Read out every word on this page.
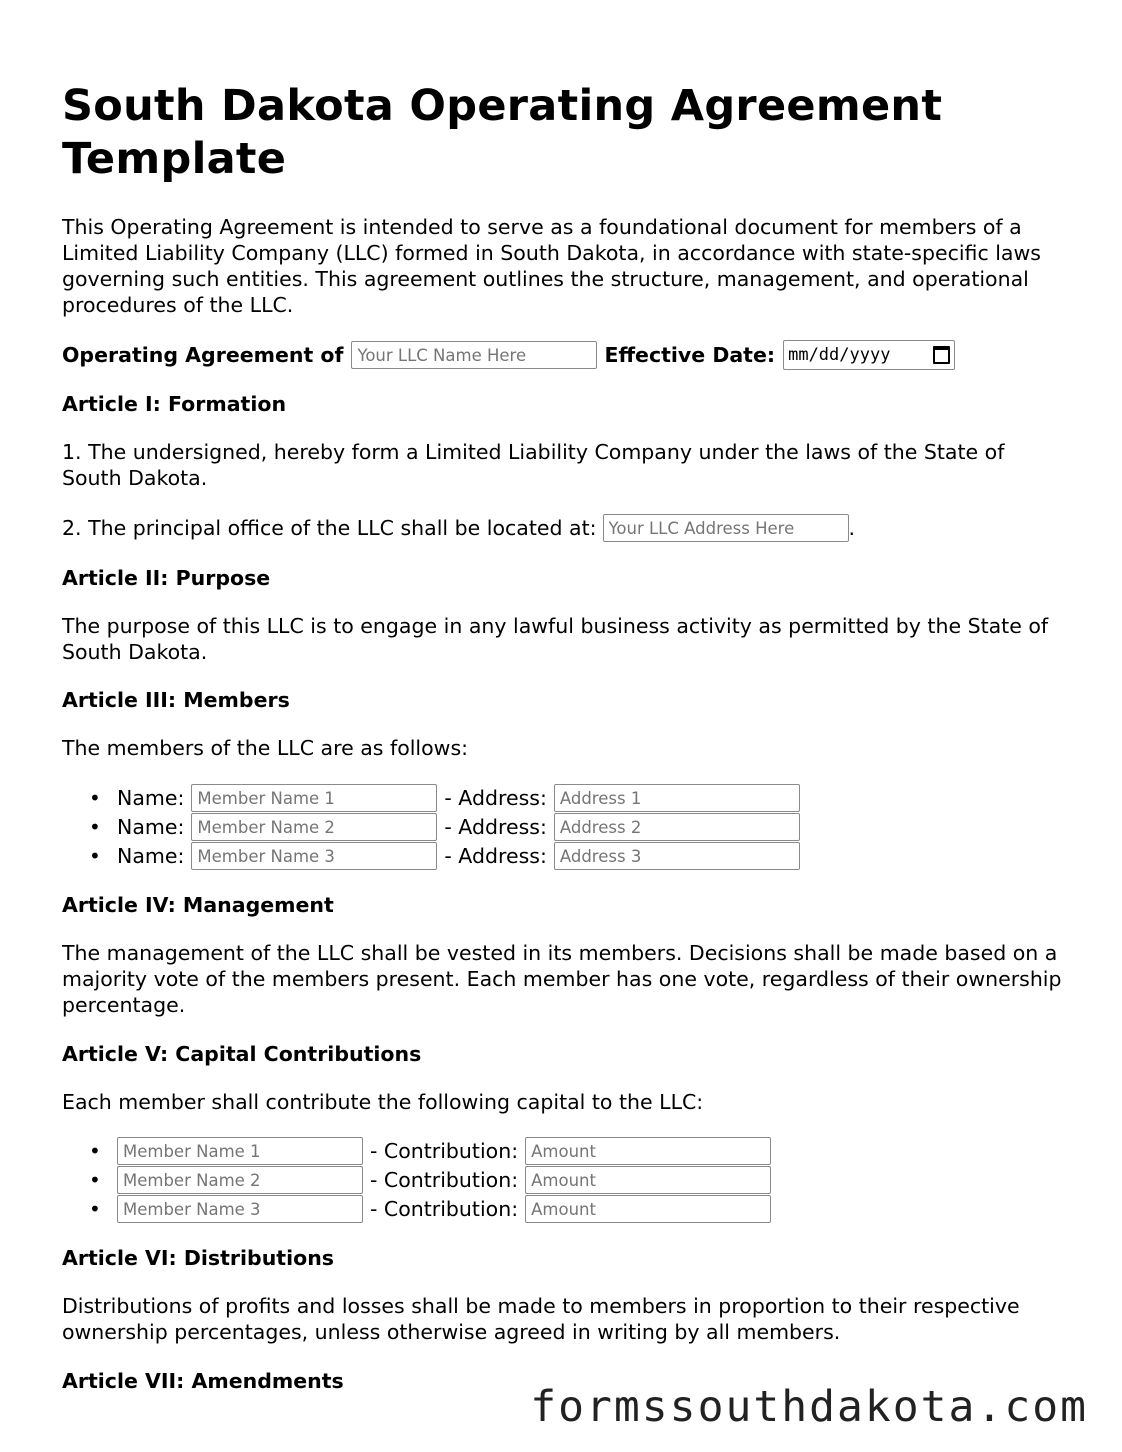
South Dakota Operating Agreement Template

This Operating Agreement is intended to serve as a foundational document for members of a Limited Liability Company (LLC) formed in South Dakota, in accordance with state-specific laws governing such entities. This agreement outlines the structure, management, and operational procedures of the LLC.

Operating Agreement of
Your LLC Name Here	Effective Date: mm/dd/yyyy

Article I: Formation

1. The undersigned, hereby form a Limited Liability Company under the laws of the State of South Dakota.

2. The principal office of the LLC shall be located at:
Your LLC Address Here	.

Article II: Purpose

The purpose of this LLC is to engage in any lawful business activity as permitted by the State of South Dakota.

Article III: Members

The members of the LLC are as follows:

• Name:
Member Name 1	- Address:
Address 1
• Name:
Member Name 2	- Address:
Address 2
• Name:
Member Name 3	- Address:
Address 3

Article IV: Management

The management of the LLC shall be vested in its members. Decisions shall be made based on a majority vote of the members present. Each member has one vote, regardless of their ownership percentage.

Article V: Capital Contributions

Each member shall contribute the following capital to the LLC:

•
Member Name 1	- Contribution:
Amount
•
Member Name 2	- Contribution:
Amount
•
Member Name 3	- Contribution:
Amount

Article VI: Distributions

Distributions of profits and losses shall be made to members in proportion to their respective ownership percentages, unless otherwise agreed in writing by all members.

Article VII: Amendments

formssouthdakota.com
